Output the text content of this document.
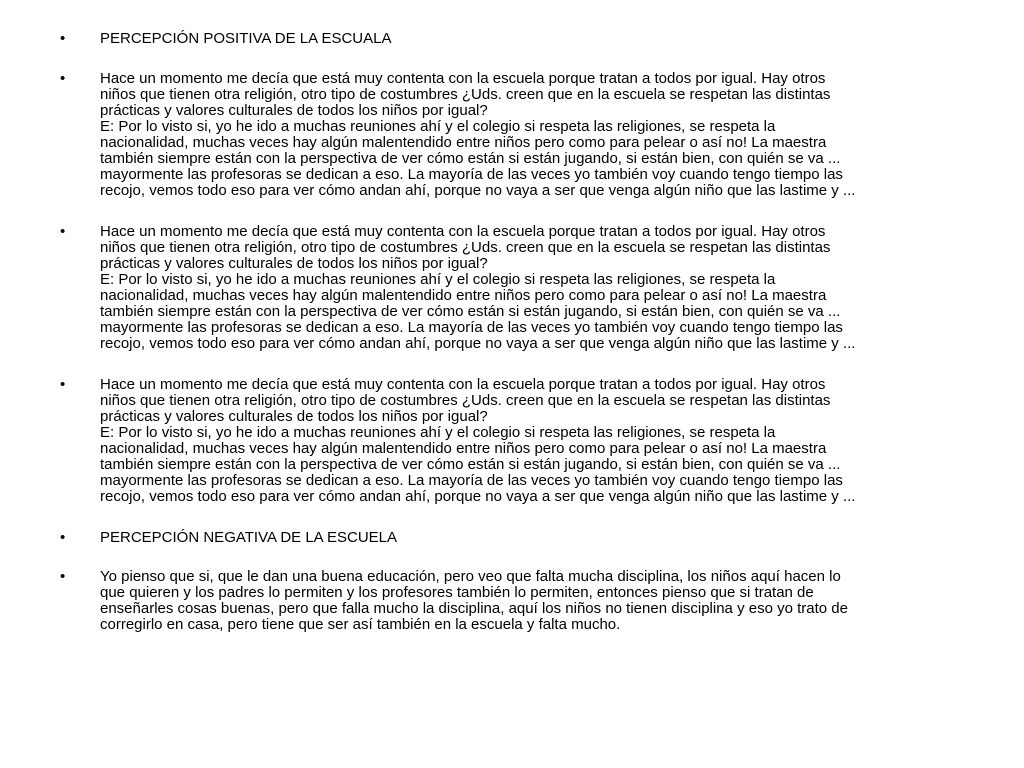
•	PERCEPCIÓN POSITIVA DE LA ESCUALA
•	Hace un momento me decía que está muy contenta con la escuela porque tratan a todos por igual. Hay otros
niños que tienen otra religión, otro tipo de costumbres ¿Uds. creen que en la escuela se respetan las distintas
prácticas y valores culturales de todos los niños por igual?
E: Por lo visto si, yo he ido a muchas reuniones ahí y el colegio si respeta las religiones, se respeta la
nacionalidad, muchas veces hay algún malentendido entre niños pero como para pelear o así no! La maestra
también siempre están con la perspectiva de ver cómo están si están jugando, si están bien, con quién se va ...
mayormente las profesoras se dedican a eso. La mayoría de las veces yo también voy cuando tengo tiempo las
recojo, vemos todo eso para ver cómo andan ahí, porque no vaya a ser que venga algún niño que las lastime y ...
•	Hace un momento me decía que está muy contenta con la escuela porque tratan a todos por igual. Hay otros
niños que tienen otra religión, otro tipo de costumbres ¿Uds. creen que en la escuela se respetan las distintas
prácticas y valores culturales de todos los niños por igual?
E: Por lo visto si, yo he ido a muchas reuniones ahí y el colegio si respeta las religiones, se respeta la
nacionalidad, muchas veces hay algún malentendido entre niños pero como para pelear o así no! La maestra
también siempre están con la perspectiva de ver cómo están si están jugando, si están bien, con quién se va ...
mayormente las profesoras se dedican a eso. La mayoría de las veces yo también voy cuando tengo tiempo las
recojo, vemos todo eso para ver cómo andan ahí, porque no vaya a ser que venga algún niño que las lastime y ...
•	Hace un momento me decía que está muy contenta con la escuela porque tratan a todos por igual. Hay otros
niños que tienen otra religión, otro tipo de costumbres ¿Uds. creen que en la escuela se respetan las distintas
prácticas y valores culturales de todos los niños por igual?
E: Por lo visto si, yo he ido a muchas reuniones ahí y el colegio si respeta las religiones, se respeta la
nacionalidad, muchas veces hay algún malentendido entre niños pero como para pelear o así no! La maestra
también siempre están con la perspectiva de ver cómo están si están jugando, si están bien, con quién se va ...
mayormente las profesoras se dedican a eso. La mayoría de las veces yo también voy cuando tengo tiempo las
recojo, vemos todo eso para ver cómo andan ahí, porque no vaya a ser que venga algún niño que las lastime y ...
•	PERCEPCIÓN NEGATIVA DE LA ESCUELA
•	Yo pienso que si, que le dan una buena educación, pero veo que falta mucha disciplina, los niños aquí hacen lo
que quieren y los padres lo permiten y los profesores también lo permiten, entonces pienso que si tratan de
enseñarles cosas buenas, pero que falla mucho la disciplina, aquí los niños no tienen disciplina y eso yo trato de
corregirlo en casa, pero tiene que ser así también en la escuela y falta mucho.
